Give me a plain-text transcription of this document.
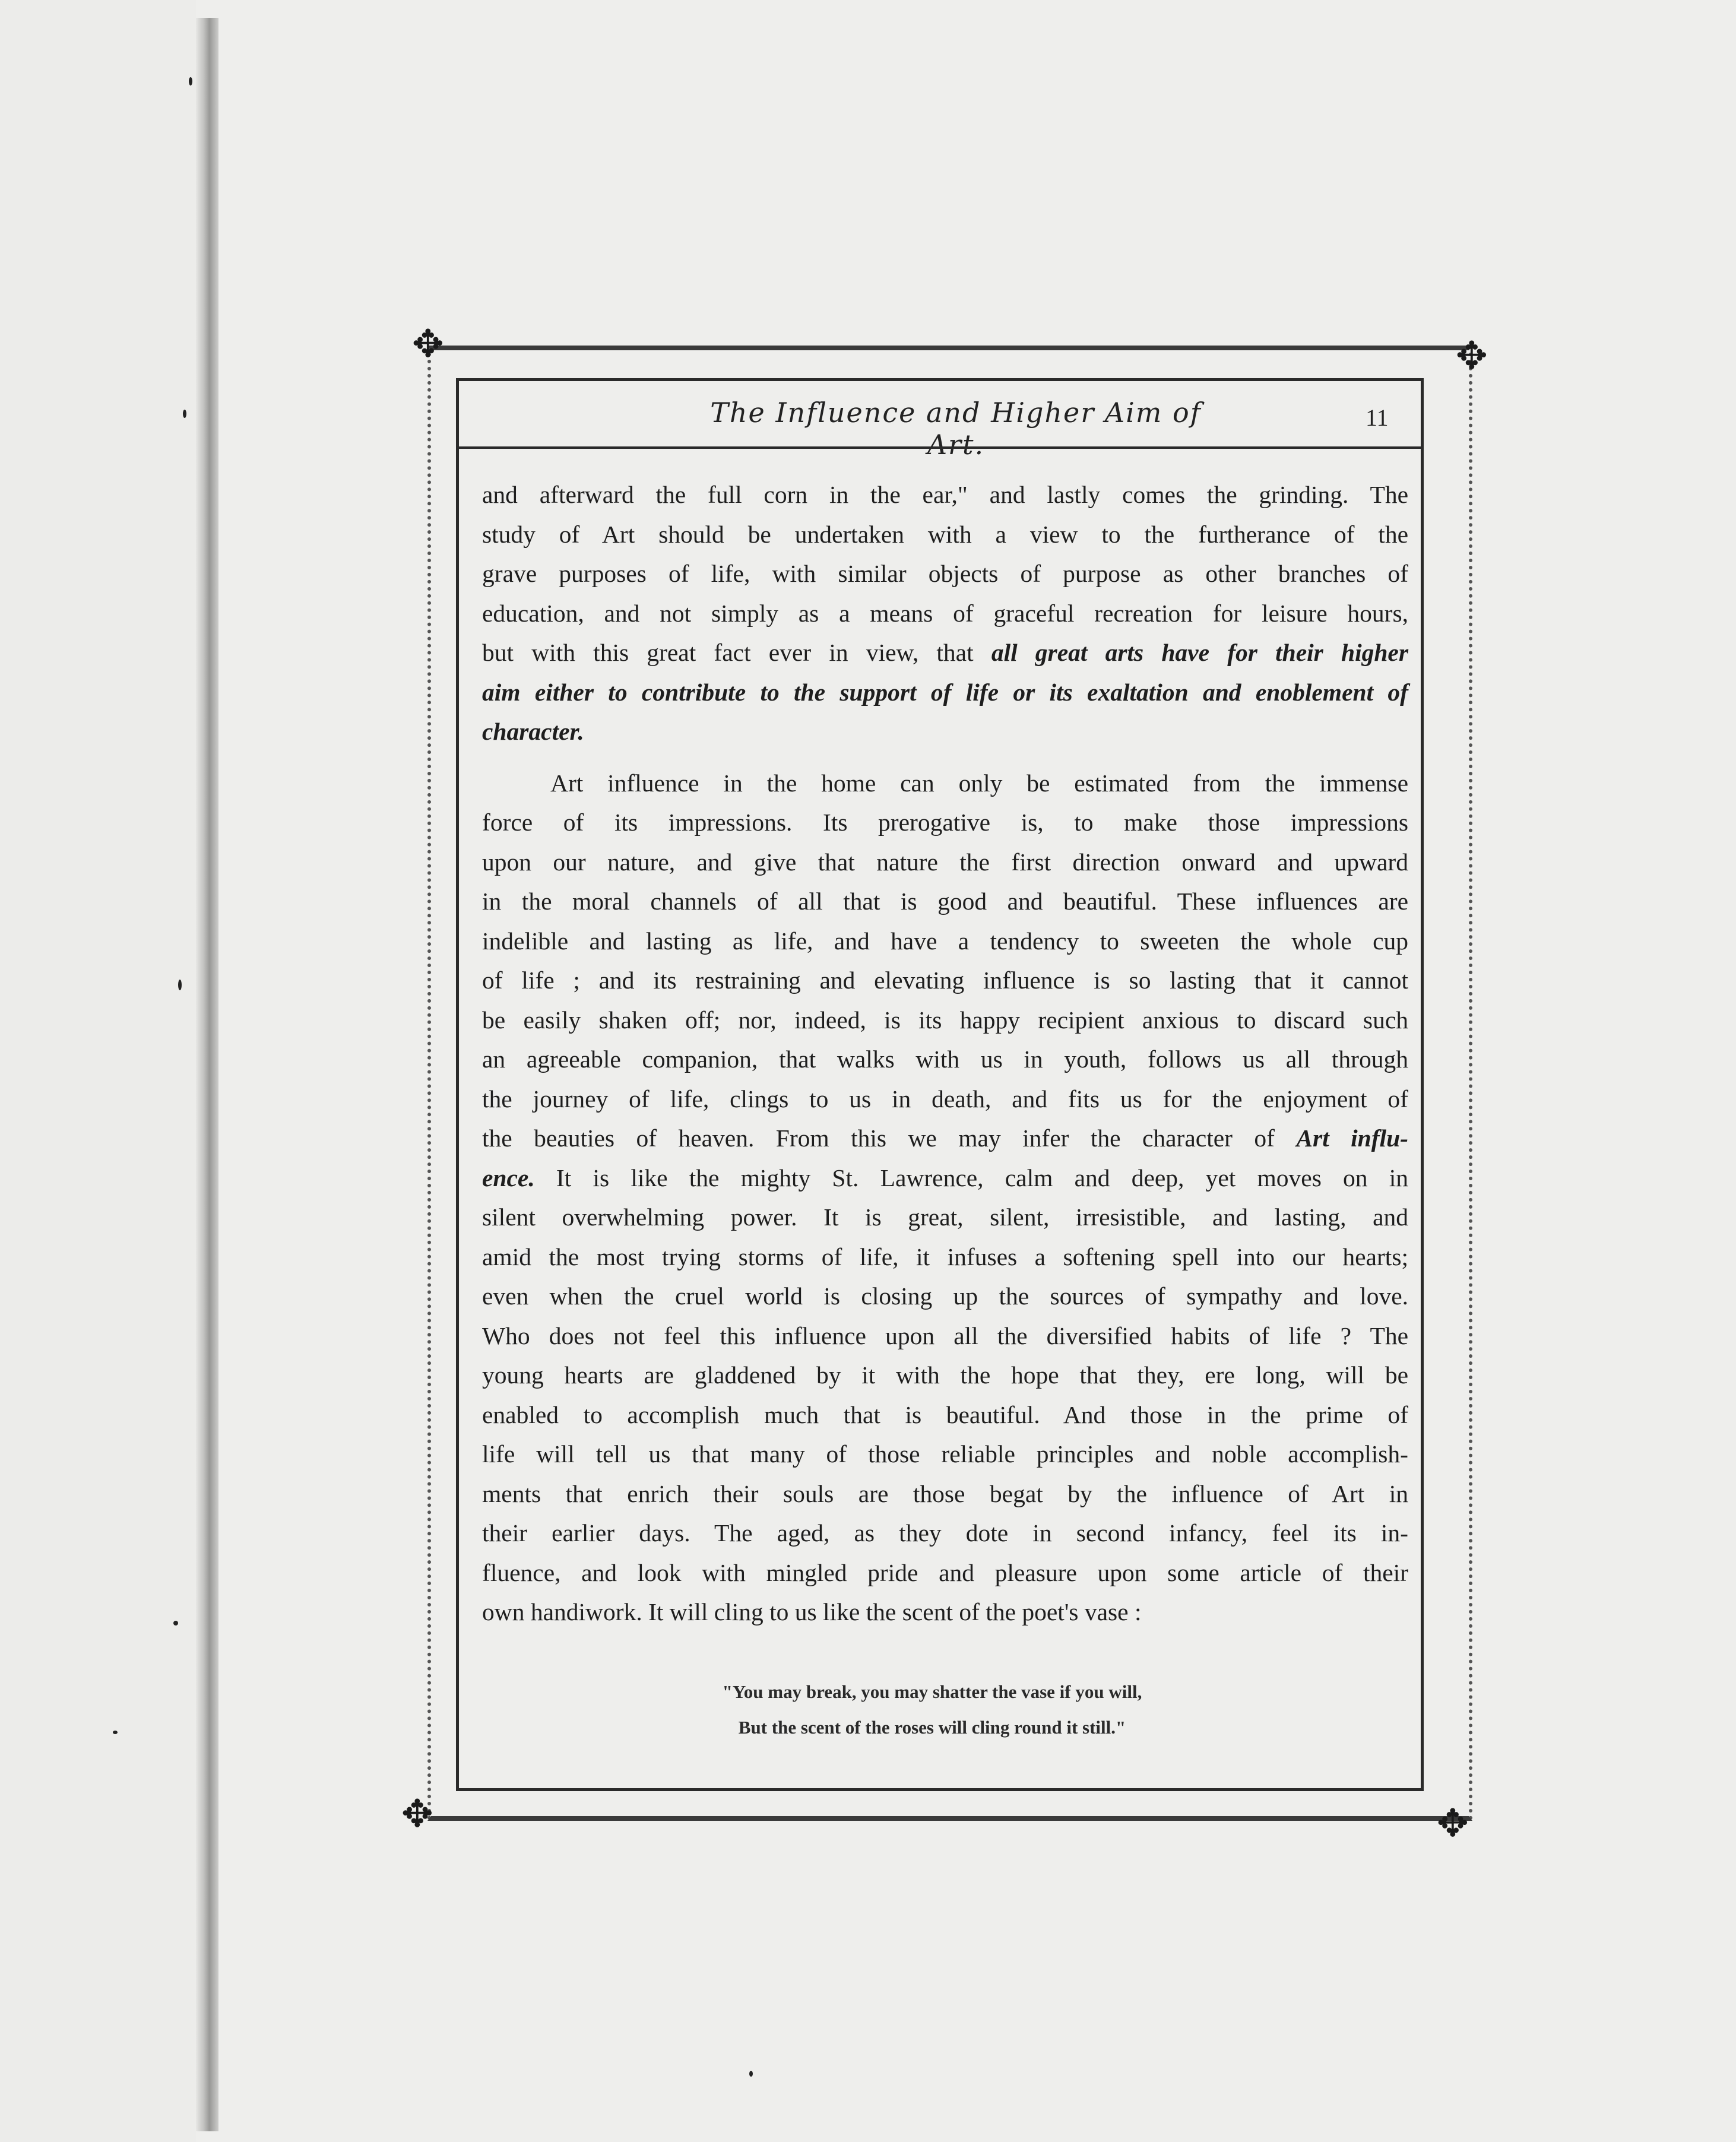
✥	✥
✥	✥
The Influence and Higher Aim of Art.
11

and afterward the full corn in the ear," and lastly comes the grinding. The
study of Art should be undertaken with a view to the furtherance of the
grave purposes of life, with similar objects of purpose as other branches of
education, and not simply as a means of graceful recreation for leisure hours,
but with this great fact ever in view, that all great arts have for their higher
aim either to contribute to the support of life or its exaltation and enoblement of
character.

Art influence in the home can only be estimated from the immense
force of its impressions. Its prerogative is, to make those impressions
upon our nature, and give that nature the first direction onward and upward
in the moral channels of all that is good and beautiful. These influences are
indelible and lasting as life, and have a tendency to sweeten the whole cup
of life ; and its restraining and elevating influence is so lasting that it cannot
be easily shaken off; nor, indeed, is its happy recipient anxious to discard such
an agreeable companion, that walks with us in youth, follows us all through
the journey of life, clings to us in death, and fits us for the enjoyment of
the beauties of heaven. From this we may infer the character of Art influ-
ence. It is like the mighty St. Lawrence, calm and deep, yet moves on in
silent overwhelming power. It is great, silent, irresistible, and lasting, and
amid the most trying storms of life, it infuses a softening spell into our hearts;
even when the cruel world is closing up the sources of sympathy and love.
Who does not feel this influence upon all the diversified habits of life ? The
young hearts are gladdened by it with the hope that they, ere long, will be
enabled to accomplish much that is beautiful. And those in the prime of
life will tell us that many of those reliable principles and noble accomplish-
ments that enrich their souls are those begat by the influence of Art in
their earlier days. The aged, as they dote in second infancy, feel its in-
fluence, and look with mingled pride and pleasure upon some article of their
own handiwork. It will cling to us like the scent of the poet's vase :

"You may break, you may shatter the vase if you will,
But the scent of the roses will cling round it still."
